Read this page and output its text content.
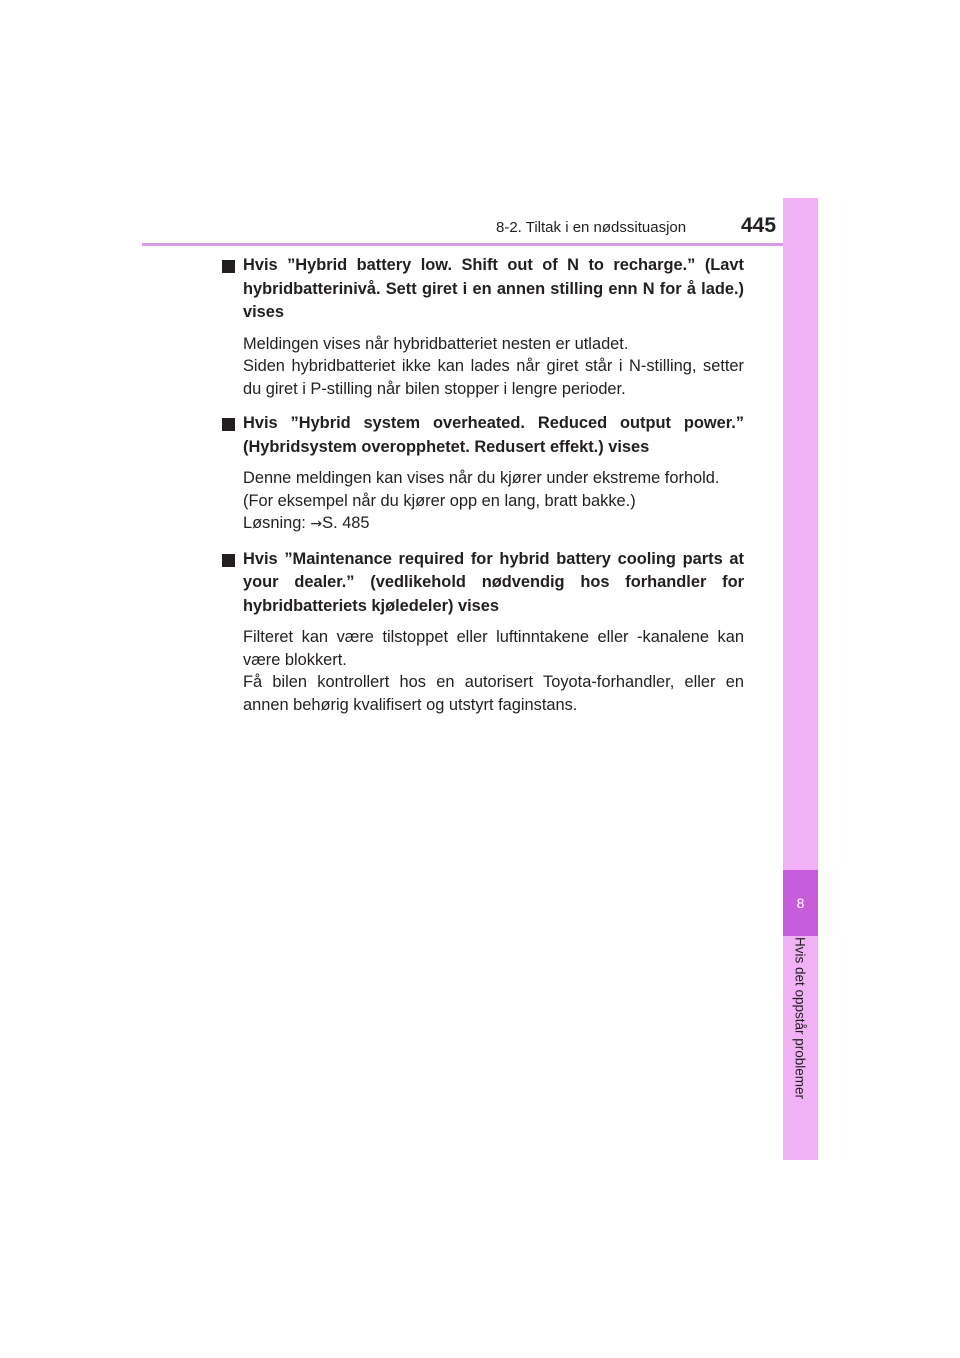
8-2. Tiltak i en nødssituasjon	445
8
Hvis det oppstår problemer
Hvis ”Hybrid battery low. Shift out of N to recharge.” (Lavt hybridbatterinivå. Sett giret i en annen stilling enn N for å lade.) vises

Meldingen vises når hybridbatteriet nesten er utladet.

Siden hybridbatteriet ikke kan lades når giret står i N-stilling, setter du giret i P-stilling når bilen stopper i lengre perioder.

Hvis ”Hybrid system overheated. Reduced output power.” (Hybridsystem overopphetet. Redusert effekt.) vises

Denne meldingen kan vises når du kjører under ekstreme forhold.

(For eksempel når du kjører opp en lang, bratt bakke.)

Løsning: →S. 485

Hvis ”Maintenance required for hybrid battery cooling parts at your dealer.” (vedlikehold nødvendig hos forhandler for hybridbatteriets kjøledeler) vises

Filteret kan være tilstoppet eller luftinntakene eller -kanalene kan være blokkert.

Få bilen kontrollert hos en autorisert Toyota-forhandler, eller en annen behørig kvalifisert og utstyrt faginstans.
